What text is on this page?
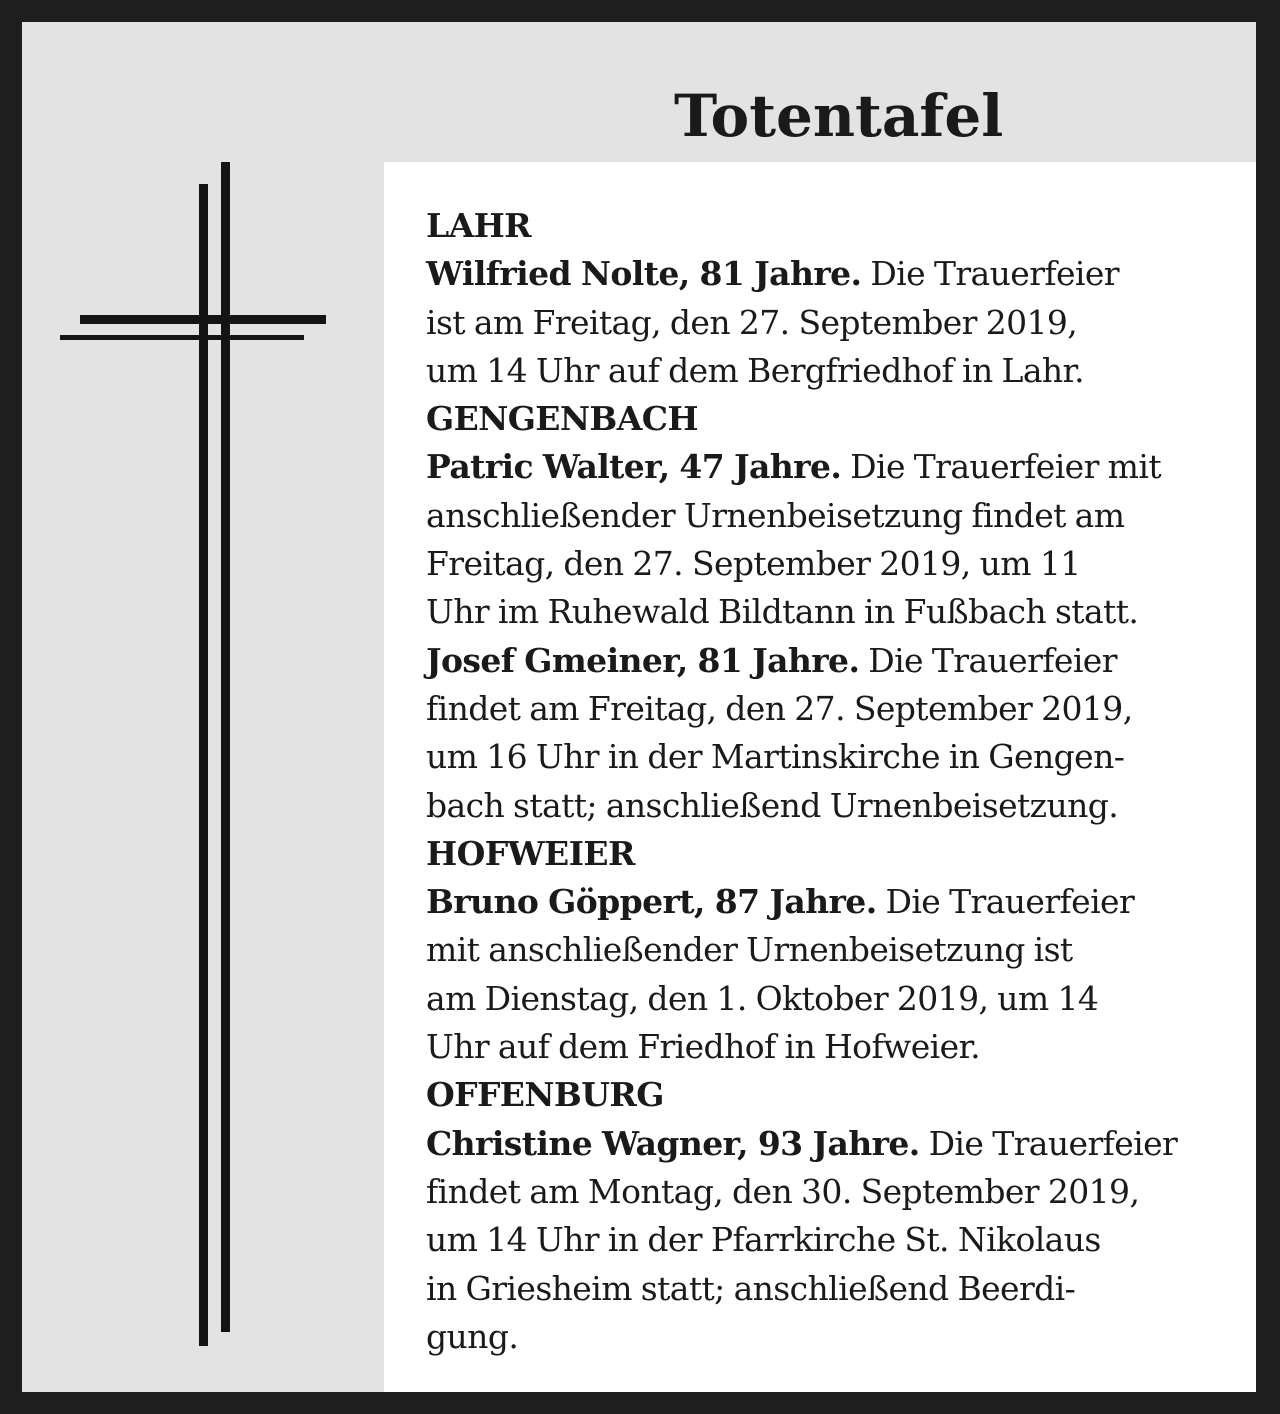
Totentafel
LAHR
Wilfried Nolte, 81 Jahre. Die Trauerfeier
ist am Freitag, den 27. September 2019,
um 14 Uhr auf dem Bergfriedhof in Lahr.
GENGENBACH
Patric Walter, 47 Jahre. Die Trauerfeier mit
anschließender Urnenbeisetzung findet am
Freitag, den 27. September 2019, um 11
Uhr im Ruhewald Bildtann in Fußbach statt.
Josef Gmeiner, 81 Jahre. Die Trauerfeier
findet am Freitag, den 27. September 2019,
um 16 Uhr in der Martinskirche in Gengen-
bach statt; anschließend Urnenbeisetzung.
HOFWEIER
Bruno Göppert, 87 Jahre. Die Trauerfeier
mit anschließender Urnenbeisetzung ist
am Dienstag, den 1. Oktober 2019, um 14
Uhr auf dem Friedhof in Hofweier.
OFFENBURG
Christine Wagner, 93 Jahre. Die Trauerfeier
findet am Montag, den 30. September 2019,
um 14 Uhr in der Pfarrkirche St. Nikolaus
in Griesheim statt; anschließend Beerdi-
gung.
